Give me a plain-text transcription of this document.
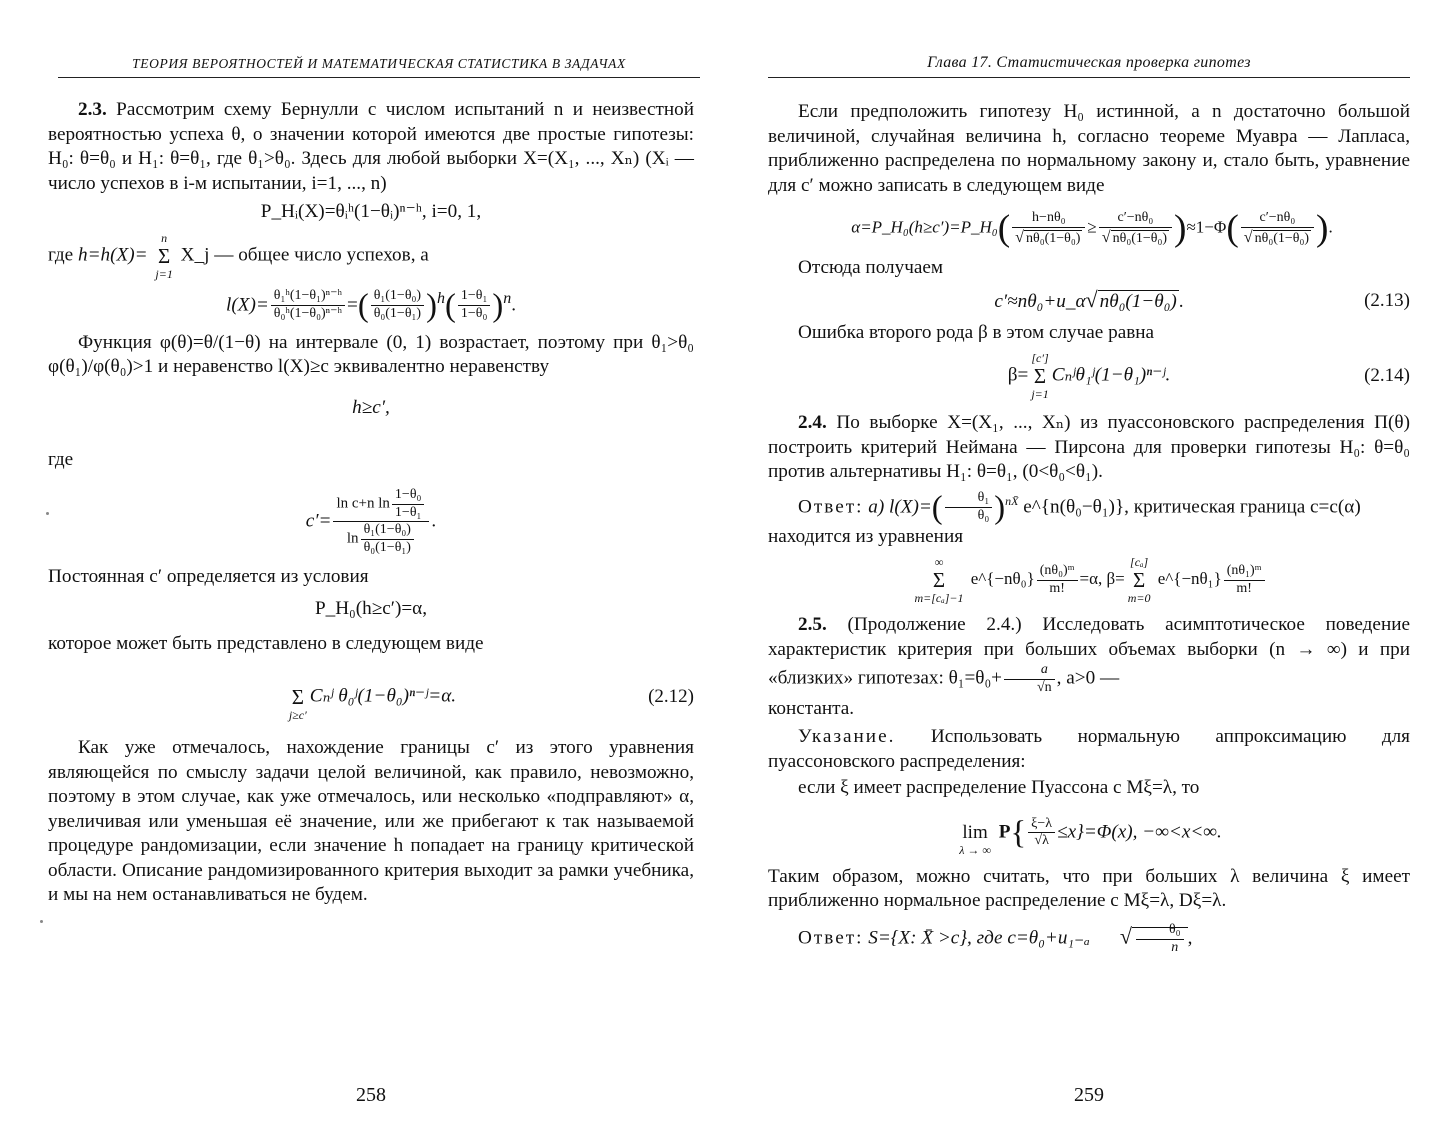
ТЕОРИЯ ВЕРОЯТНОСТЕЙ И МАТЕМАТИЧЕСКАЯ СТАТИСТИКА В ЗАДАЧАХ

2.3. Рассмотрим схему Бернулли с числом испытаний n и неизвестной вероятностью успеха θ, о значении которой имеются две простые гипотезы: H₀: θ=θ₀ и H₁: θ=θ₁, где θ₁>θ₀. Здесь для любой выборки X=(X₁, ..., Xₙ) (Xᵢ — число успехов в i-м испытании, i=1, ..., n)

P_Hᵢ(X)=θᵢʰ(1−θᵢ)ⁿ⁻ʰ, i=0, 1,

где h=h(X)=
n
Σ
j=1
X_j — общее число успехов, а

$l(X)= \frac{\text{θ₁ʰ(1−θ₁)ⁿ⁻ʰ}}{\text{θ₀ʰ(1−θ₀)ⁿ⁻ʰ}}$ =( $\frac{\text{θ₁(1−θ₀)}}{\text{θ₀(1−θ₁)}} )^h( \frac{\text{1−θ₁}}{\text{1−θ₀}} )^n$.

Функция φ(θ)=θ/(1−θ) на интервале (0, 1) возрастает, поэтому при θ₁>θ₀ φ(θ₁)/φ(θ₀)>1 и неравенство l(X)≥c эквивалентно неравенству

h≥c′,

где

$c'= \frac{\ln c+n \ln \frac{\text{1−θ₀}}{\text{1−θ₁}}}{\ln \frac{\text{θ₁(1−θ₀)}}{\text{θ₀(1−θ₁)}}}$ .

Постоянная c′ определяется из условия

P_H₀(h≥c′)=α,

которое может быть представлено в следующем виде

Σ
j≥c′
Cₙʲ θ₀ʲ(1−θ₀)ⁿ⁻ʲ=α.	(2.12)

Как уже отмечалось, нахождение границы c′ из этого уравнения являющейся по смыслу задачи целой величиной, как правило, невозможно, поэтому в этом случае, как уже отмечалось, или несколько «подправляют» α, увеличивая или уменьшая её значение, или же прибегают к так называемой процедуре рандомизации, если значение h попадает на границу критической области. Описание рандомизированного критерия выходит за рамки учебника, и мы на нем останавливаться не будем.

258
Глава 17. Статистическая проверка гипотез

Если предположить гипотезу H₀ истинной, а n достаточно большой величиной, случайная величина h, согласно теореме Муавра — Лапласа, приближенно распределена по нормальному закону и, стало быть, уравнение для c′ можно записать в следующем виде

α=P_H₀(h≥c′)=P_H₀( $\frac{\text{h−nθ₀}}{\text{√ nθ₀(1−θ₀)}} \ge \frac{\text{c′−nθ₀}}{\text{√ nθ₀(1−θ₀)}} )\approx 1-\Phi( \frac{\text{c′−nθ₀}}{\text{√ nθ₀(1−θ₀)}}$ ).

Отсюда получаем

c′≈nθ₀+u_α√ nθ₀(1−θ₀) .	(2.13)

Ошибка второго рода β в этом случае равна

β=
[c′]
Σ
j=1
Cₙʲθ₁ʲ(1−θ₁)ⁿ⁻ʲ.	(2.14)

2.4. По выборке X=(X₁, ..., Xₙ) из пуассоновского распределения Π(θ) построить критерий Неймана — Пирсона для проверки гипотезы H₀: θ=θ₀ против альтернативы H₁: θ=θ₁, (0<θ₀<θ₁).

Ответ: а) $l(X)=( \frac{\text{θ₁}}{\text{θ₀}} )^{nX̄}$ e^{n(θ₀−θ₁)}, критическая граница c=c(α)

находится из уравнения

∞
Σ
m=[cₐ]−1
e^{−nθ₀} $\frac{\text{(nθ₀)ᵐ}}{m!} =\alpha$, β=
[cₐ]
Σ
m=0
e^{−nθ₁} $\frac{\text{(nθ₁)ᵐ}}{m!}$

2.5. (Продолжение 2.4.) Исследовать асимптотическое поведение характеристик критерия при больших объемах выборки (n → ∞) и при «близких» гипотезах: $\theta_1=\theta_0+ \frac{a}{√n}$ , a>0 —

константа.

Указание. Использовать нормальную аппроксимацию для пуассоновского распределения:

если ξ имеет распределение Пуассона с Mξ=λ, то

lim
λ → ∞
$P\{ \frac{\xi-\lambda}{√\lambda} \le x\}=\Phi(x)$, −∞<x<∞.

Таким образом, можно считать, что при больших λ величина ξ имеет приближенно нормальное распределение с Mξ=λ, Dξ=λ.

Ответ: S={X: X̄ >c}, где c=θ₀+u₁₋ₐ √ $\frac{\text{θ₀}}{n}$ ,

259
